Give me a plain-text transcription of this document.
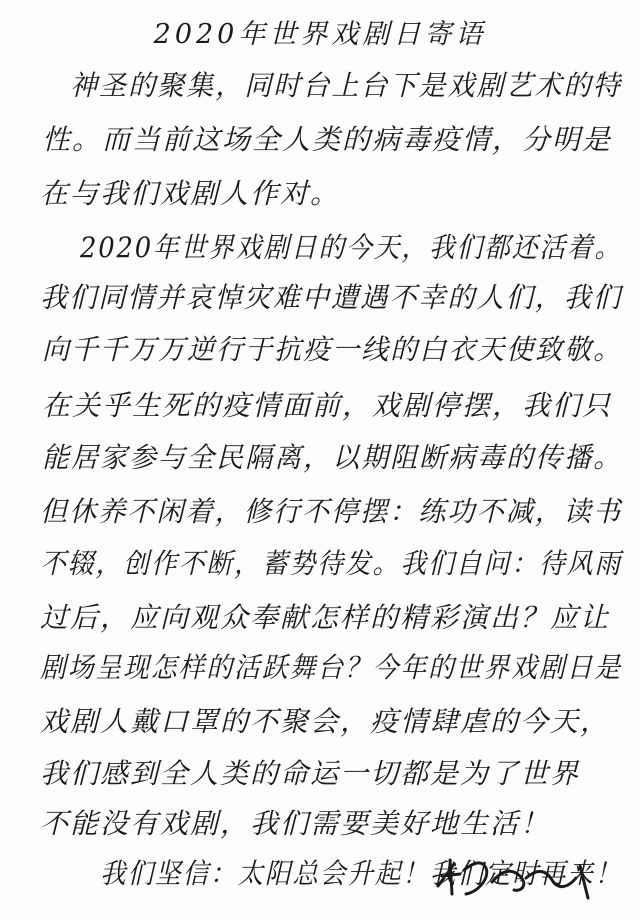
2020年世界戏剧日寄语
神圣的聚集，同时台上台下是戏剧艺术的特
性。而当前这场全人类的病毒疫情，分明是
在与我们戏剧人作对。
2020年世界戏剧日的今天，我们都还活着。
我们同情并哀悼灾难中遭遇不幸的人们，我们
向千千万万逆行于抗疫一线的白衣天使致敬。
在关乎生死的疫情面前，戏剧停摆，我们只
能居家参与全民隔离，以期阻断病毒的传播。
但休养不闲着，修行不停摆：练功不减，读书
不辍，创作不断，蓄势待发。我们自问：待风雨
过后，应向观众奉献怎样的精彩演出？应让
剧场呈现怎样的活跃舞台？今年的世界戏剧日是
戏剧人戴口罩的不聚会，疫情肆虐的今天，
我们感到全人类的命运一切都是为了世界
不能没有戏剧，我们需要美好地生活！
我们坚信：太阳总会升起！我们定时再来！
